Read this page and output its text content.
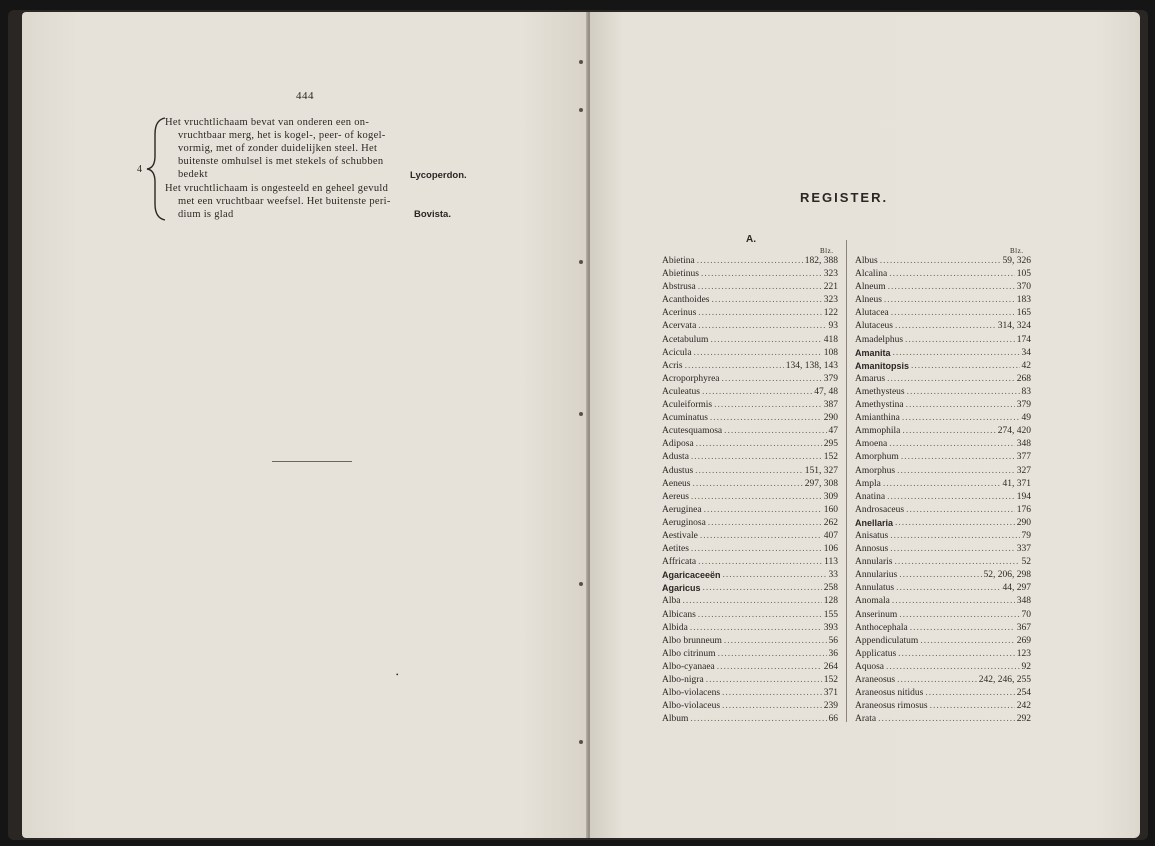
444
4
Het vruchtlichaam bevat van onderen een on-
vruchtbaar merg, het is kogel-, peer- of kogel-
vormig, met of zonder duidelijken steel. Het
buitenste omhulsel is met stekels of schubben
bedekt	Lycoperdon.
Het vruchtlichaam is ongesteeld en geheel gevuld
met een vruchtbaar weefsel. Het buitenste peri-
dium is glad	Bovista.
•
REGISTER.
A.
Blz.	Blz.
Abietina .....	182, 388
Abietinus .....	323
Abstrusa .....	221
Acanthoides .....	323
Acerinus .....	122
Acervata .....	93
Acetabulum .....	418
Acicula .....	108
Acris .....	134, 138, 143
Acroporphyrea .....	379
Aculeatus .....	47, 48
Aculeiformis .....	387
Acuminatus .....	290
Acutesquamosa .....	47
Adiposa .....	295
Adusta .....	152
Adustus .....	151, 327
Aeneus .....	297, 308
Aereus .....	309
Aeruginea .....	160
Aeruginosa .....	262
Aestivale .....	407
Aetites .....	106
Affricata .....	113
Agaricaceeën .....	33
Agaricus .....	258
Alba .....	128
Albicans .....	155
Albida .....	393
Albo brunneum .....	56
Albo citrinum .....	36
Albo-cyanaea .....	264
Albo-nigra .....	152
Albo-violacens .....	371
Albo-violaceus .....	239
Album .....	66
Albus .....	59, 326
Alcalina .....	105
Alneum .....	370
Alneus .....	183
Alutacea .....	165
Alutaceus .....	314, 324
Amadelphus .....	174
Amanita .....	34
Amanitopsis .....	42
Amarus .....	268
Amethysteus .....	83
Amethystina .....	379
Amianthina .....	49
Ammophila .....	274, 420
Amoena .....	348
Amorphum .....	377
Amorphus .....	327
Ampla .....	41, 371
Anatina .....	194
Androsaceus .....	176
Anellaria .....	290
Anisatus .....	79
Annosus .....	337
Annularis .....	52
Annularius .....	52, 206, 298
Annulatus .....	44, 297
Anomala .....	348
Anserinum .....	70
Anthocephala .....	367
Appendiculatum .....	269
Applicatus .....	123
Aquosa .....	92
Araneosus .....	242, 246, 255
Araneosus nitidus .....	254
Araneosus rimosus .....	242
Arata .....	292
